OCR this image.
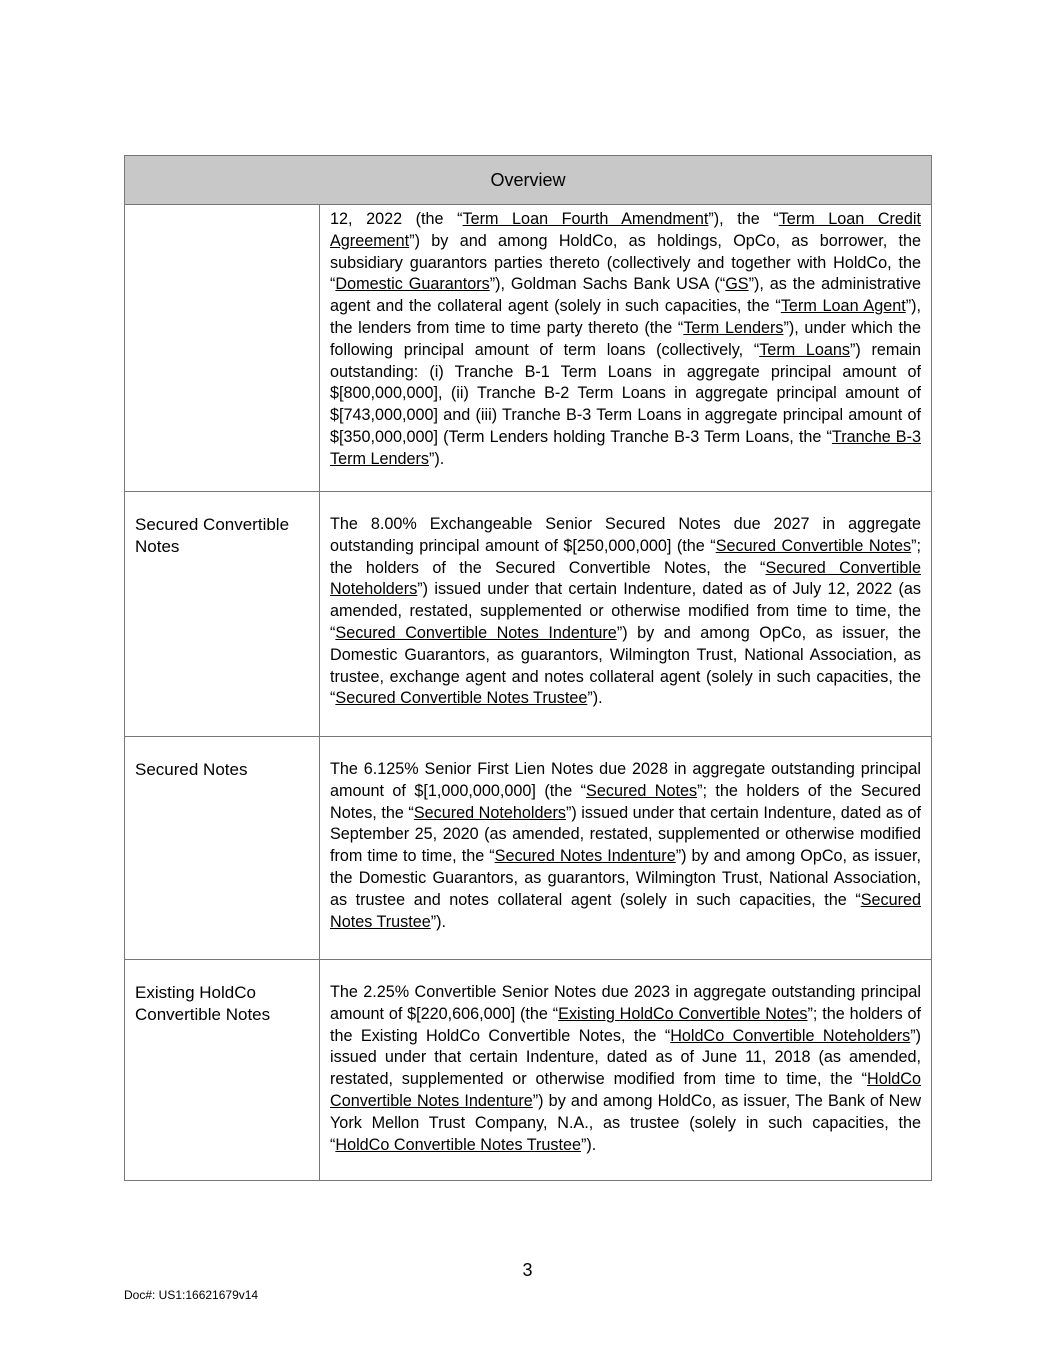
Overview	
	12, 2022 (the “Term Loan Fourth Amendment”), the “Term Loan Credit Agreement”) by and among HoldCo, as holdings, OpCo, as borrower, the subsidiary guarantors parties thereto (collectively and together with HoldCo, the “Domestic Guarantors”), Goldman Sachs Bank USA (“GS”), as the administrative agent and the collateral agent (solely in such capacities, the “Term Loan Agent”), the lenders from time to time party thereto (the “Term Lenders”), under which the following principal amount of term loans (collectively, “Term Loans”) remain outstanding: (i) Tranche B-1 Term Loans in aggregate principal amount of $[800,000,000], (ii) Tranche B-2 Term Loans in aggregate principal amount of $[743,000,000] and (iii) Tranche B-3 Term Loans in aggregate principal amount of $[350,000,000] (Term Lenders holding Tranche B-3 Term Loans, the “Tranche B-3 Term Lenders”).
Secured Convertible Notes	The 8.00% Exchangeable Senior Secured Notes due 2027 in aggregate outstanding principal amount of $[250,000,000] (the “Secured Convertible Notes”; the holders of the Secured Convertible Notes, the “Secured Convertible Noteholders”) issued under that certain Indenture, dated as of July 12, 2022 (as amended, restated, supplemented or otherwise modified from time to time, the “Secured Convertible Notes Indenture”) by and among OpCo, as issuer, the Domestic Guarantors, as guarantors, Wilmington Trust, National Association, as trustee, exchange agent and notes collateral agent (solely in such capacities, the “Secured Convertible Notes Trustee”).
Secured Notes	The 6.125% Senior First Lien Notes due 2028 in aggregate outstanding principal amount of $[1,000,000,000] (the “Secured Notes”; the holders of the Secured Notes, the “Secured Noteholders”) issued under that certain Indenture, dated as of September 25, 2020 (as amended, restated, supplemented or otherwise modified from time to time, the “Secured Notes Indenture”) by and among OpCo, as issuer, the Domestic Guarantors, as guarantors, Wilmington Trust, National Association, as trustee and notes collateral agent (solely in such capacities, the “Secured Notes Trustee”).
Existing HoldCo Convertible Notes	The 2.25% Convertible Senior Notes due 2023 in aggregate outstanding principal amount of $[220,606,000] (the “Existing HoldCo Convertible Notes”; the holders of the Existing HoldCo Convertible Notes, the “HoldCo Convertible Noteholders”) issued under that certain Indenture, dated as of June 11, 2018 (as amended, restated, supplemented or otherwise modified from time to time, the “HoldCo Convertible Notes Indenture”) by and among HoldCo, as issuer, The Bank of New York Mellon Trust Company, N.A., as trustee (solely in such capacities, the “HoldCo Convertible Notes Trustee”).
3
Doc#: US1:16621679v14
